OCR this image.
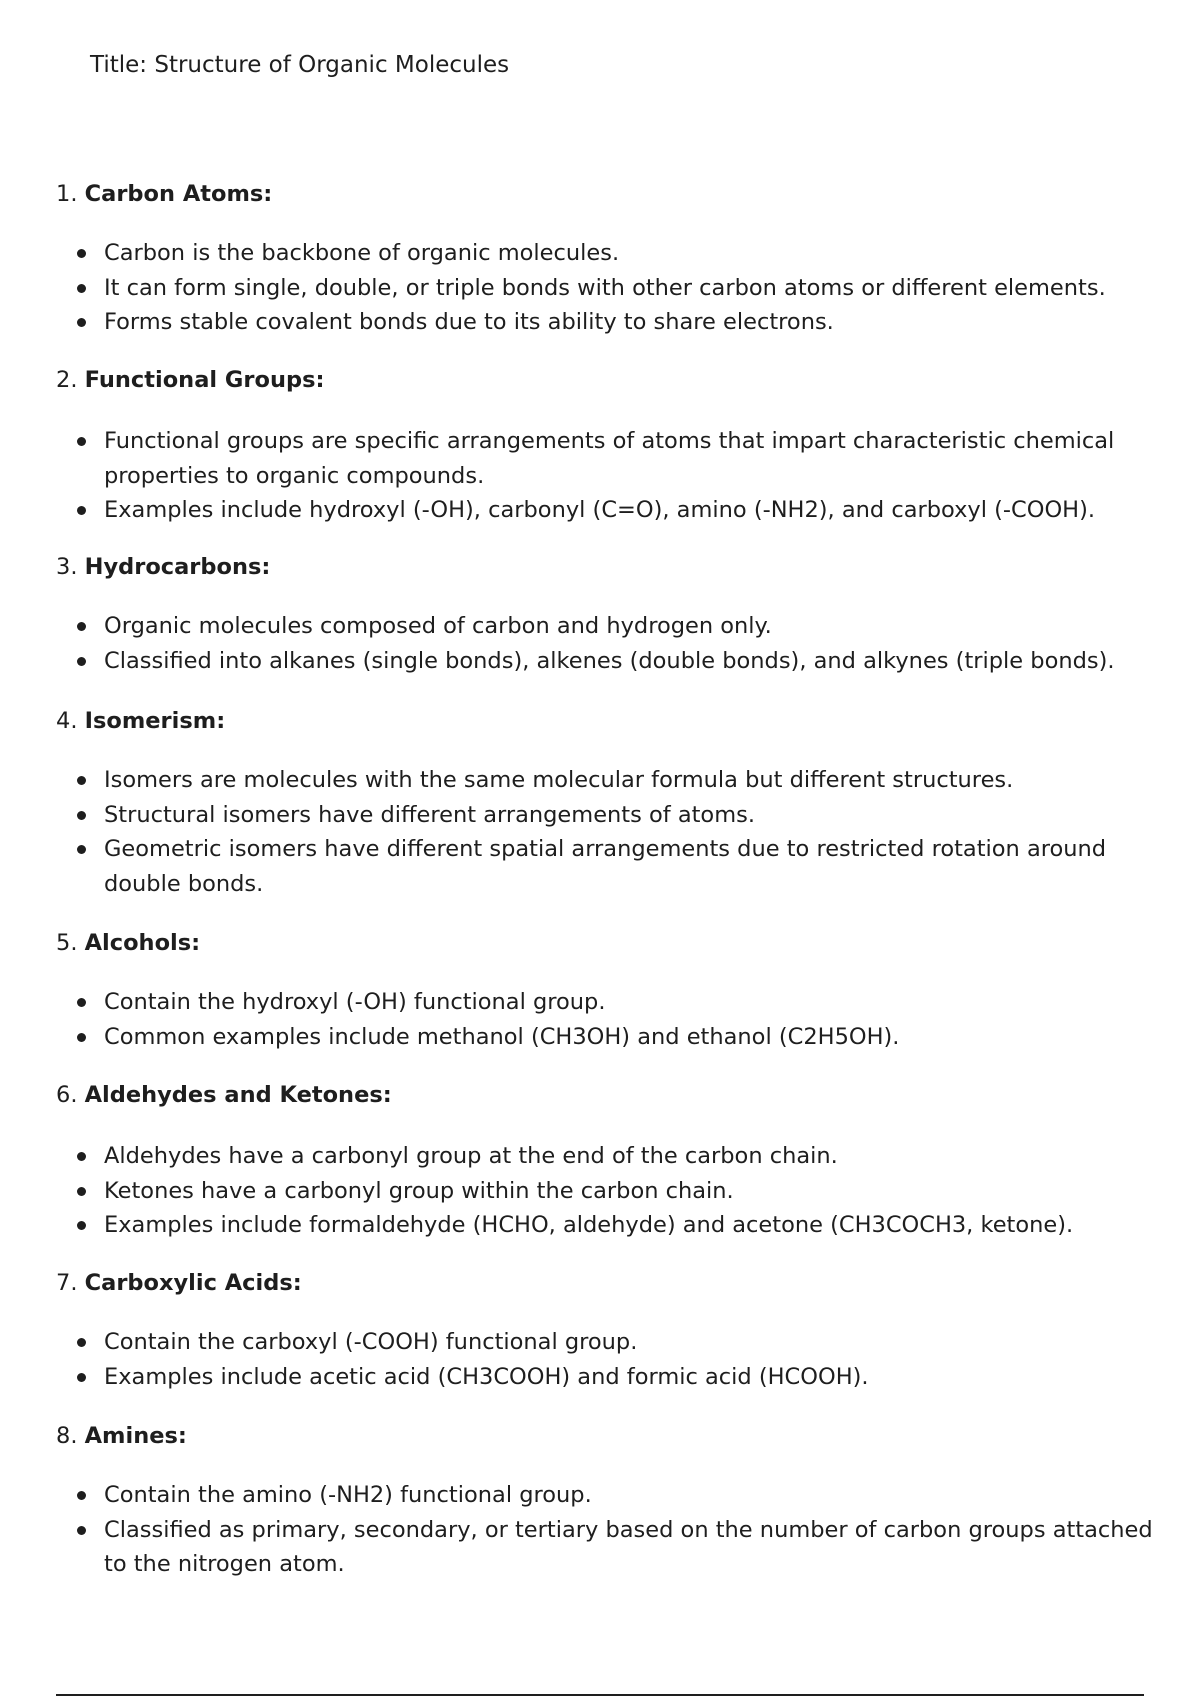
Title: Structure of Organic Molecules

1. Carbon Atoms:

Carbon is the backbone of organic molecules.
It can form single, double, or triple bonds with other carbon atoms or different elements.
Forms stable covalent bonds due to its ability to share electrons.

2. Functional Groups:

Functional groups are specific arrangements of atoms that impart characteristic chemical properties to organic compounds.
Examples include hydroxyl (-OH), carbonyl (C=O), amino (-NH2), and carboxyl (-COOH).

3. Hydrocarbons:

Organic molecules composed of carbon and hydrogen only.
Classified into alkanes (single bonds), alkenes (double bonds), and alkynes (triple bonds).

4. Isomerism:

Isomers are molecules with the same molecular formula but different structures.
Structural isomers have different arrangements of atoms.
Geometric isomers have different spatial arrangements due to restricted rotation around double bonds.

5. Alcohols:

Contain the hydroxyl (-OH) functional group.
Common examples include methanol (CH3OH) and ethanol (C2H5OH).

6. Aldehydes and Ketones:

Aldehydes have a carbonyl group at the end of the carbon chain.
Ketones have a carbonyl group within the carbon chain.
Examples include formaldehyde (HCHO, aldehyde) and acetone (CH3COCH3, ketone).

7. Carboxylic Acids:

Contain the carboxyl (-COOH) functional group.
Examples include acetic acid (CH3COOH) and formic acid (HCOOH).

8. Amines:

Contain the amino (-NH2) functional group.
Classified as primary, secondary, or tertiary based on the number of carbon groups attached to the nitrogen atom.
